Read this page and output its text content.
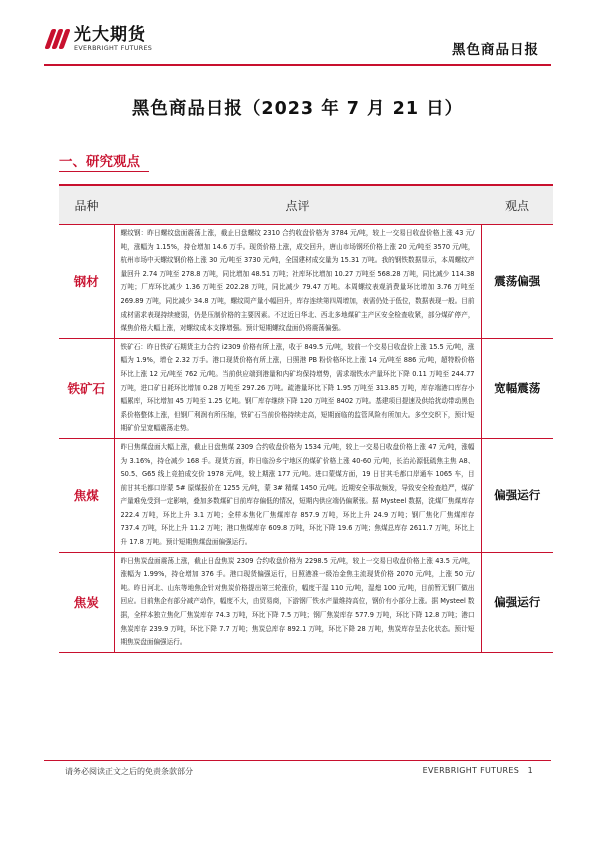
光大期货
EVERBRIGHT FUTURES	黑色商品日报
黑色商品日报（2023 年 7 月 21 日）
一、研究观点
品种	点评	观点
钢材	螺纹钢：昨日螺纹盘面震荡上涨，截止日盘螺纹 2310 合约收盘价格为 3784 元/吨，较上一交易日收盘价格上涨 43 元/吨，涨幅为 1.15%，持仓增加 14.6 万手。现货价格上涨，成交回升，唐山市场钢坯价格上涨 20 元/吨至 3570 元/吨，杭州市场中天螺纹钢价格上涨 30 元/吨至 3730 元/吨，全国建材成交量为 15.31 万吨。我的钢铁数据显示，本周螺纹产量回升 2.74 万吨至 278.8 万吨，同比增加 48.51 万吨；社库环比增加 10.27 万吨至 568.28 万吨，同比减少 114.38 万吨；厂库环比减少 1.36 万吨至 202.28 万吨，同比减少 79.47 万吨。本周螺纹表观消费量环比增加 3.76 万吨至 269.89 万吨，同比减少 34.8 万吨，螺纹周产量小幅回升，库存连续第四周增加，表需仍处于低位，数据表现一般。目前成材需求表现持续疲弱，仍是压制价格的主要因素。不过近日华北、西北多地煤矿主产区安全检查收紧，部分煤矿停产，煤焦价格大幅上涨，对螺纹成本支撑增强。预计短期螺纹盘面仍将震荡偏强。	震荡偏强
铁矿石	铁矿石：昨日铁矿石期货主力合约 i2309 价格有所上涨，收于 849.5 元/吨，较前一个交易日收盘价上涨 15.5 元/吨，涨幅为 1.9%，增仓 2.32 万手。港口现货价格有所上涨，日照港 PB 粉价格环比上涨 14 元/吨至 886 元/吨，超特粉价格环比上涨 12 元/吨至 762 元/吨。当前供应端到港量和内矿均保持增势，需求端铁水产量环比下降 0.11 万吨至 244.77 万吨，进口矿日耗环比增加 0.28 万吨至 297.26 万吨。疏港量环比下降 1.95 万吨至 313.85 万吨，库存端港口库存小幅累库，环比增加 45 万吨至 1.25 亿吨。钢厂库存继续下降 120 万吨至 8402 万吨。基建项目提速及供给扰动带动黑色系价格整体上涨，但钢厂利润有所压缩，铁矿石当前价格持续走高，短期面临的监管风险有所加大。多空交织下，预计短期矿价呈宽幅震荡走势。	宽幅震荡
焦煤	昨日焦煤盘面大幅上涨，截止日盘焦煤 2309 合约收盘价格为 1534 元/吨，较上一交易日收盘价格上涨 47 元/吨，涨幅为 3.16%，持仓减少 168 手。现货方面，昨日临汾乡宁地区的煤矿价格上涨 40-60 元/吨，长治沁源低硫焦主焦 A8、S0.5、G65 线上竞拍成交价 1978 元/吨，较上期涨 177 元/吨。进口蒙煤方面，19 日甘其毛都口岸通车 1065 车，目前甘其毛都口岸蒙 5# 原煤报价在 1255 元/吨，蒙 3# 精煤 1450 元/吨。近期安全事故频发，导致安全检查趋严，煤矿产量难免受到一定影响，叠加多数煤矿目前库存偏低的情况，短期内供应端仍偏紧张。据 Mysteel 数据，洗煤厂焦煤库存 222.4 万吨，环比上升 3.1 万吨；全样本焦化厂焦煤库存 857.9 万吨，环比上升 24.9 万吨；钢厂焦化厂焦煤库存 737.4 万吨，环比上升 11.2 万吨；港口焦煤库存 609.8 万吨，环比下降 19.6 万吨；焦煤总库存 2611.7 万吨，环比上升 17.8 万吨。预计短期焦煤盘面偏强运行。	偏强运行
焦炭	昨日焦炭盘面震荡上涨，截止日盘焦炭 2309 合约收盘价格为 2298.5 元/吨，较上一交易日收盘价格上涨 43.5 元/吨，涨幅为 1.99%，持仓增加 376 手。港口现货偏强运行，日照港准一级冶金焦主流现货价格 2070 元/吨，上涨 50 元/吨。昨日河北、山东等地焦企针对焦炭价格提出第三轮涨价，幅度干湿 110 元/吨，湿熄 100 元/吨，目前暂无钢厂做出回应。目前焦企有部分减产动作，幅度不大，由贸易商，下游钢厂铁水产量维持高位，钢价有小部分上涨。据 Mysteel 数据，全样本独立焦化厂焦炭库存 74.3 万吨，环比下降 7.5 万吨；钢厂焦炭库存 577.9 万吨，环比下降 12.8 万吨；港口焦炭库存 239.9 万吨，环比下降 7.7 万吨；焦炭总库存 892.1 万吨，环比下降 28 万吨，焦炭库存呈去化状态。预计短期焦炭盘面偏强运行。	偏强运行
请务必阅读正文之后的免责条款部分	EVERBRIGHT FUTURES 1
